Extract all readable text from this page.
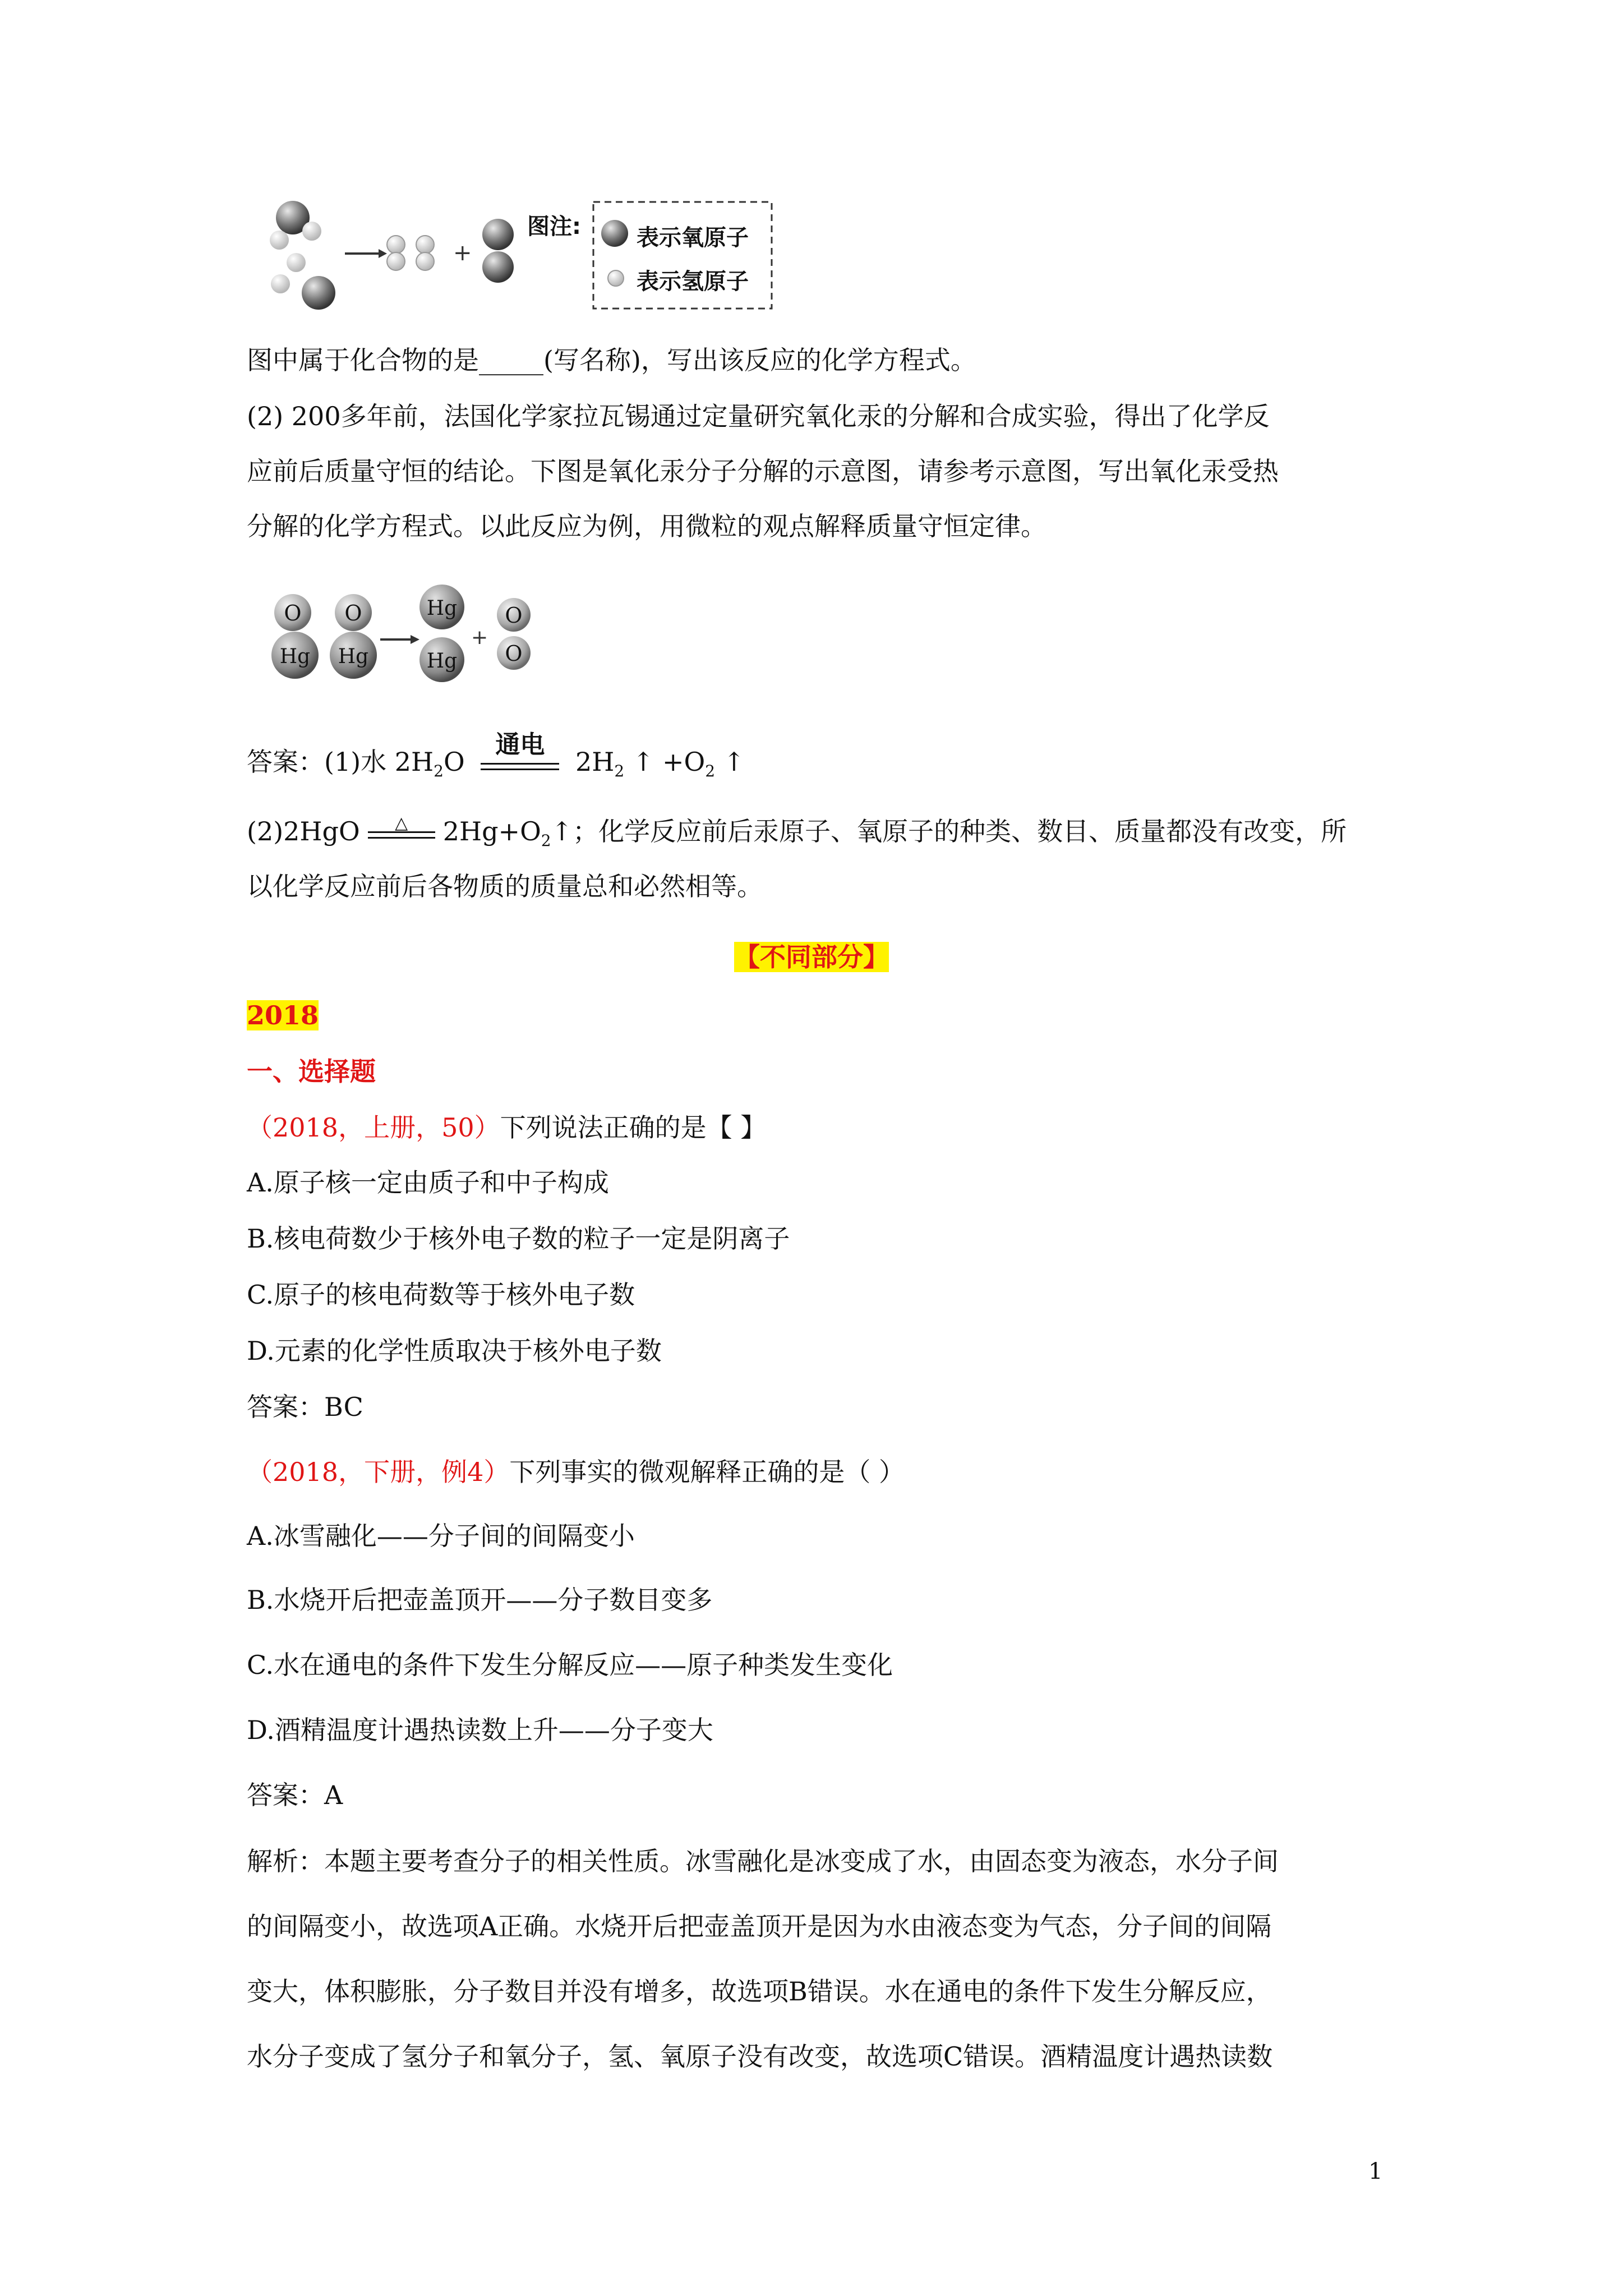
+
图注: 表示氧原子
表示氢原子
图中属于化合物的是_____(写名称)，写出该反应的化学方程式。
(2) 200多年前，法国化学家拉瓦锡通过定量研究氧化汞的分解和合成实验，得出了化学反
应前后质量守恒的结论。下图是氧化汞分子分解的示意图，请参考示意图，写出氧化汞受热
分解的化学方程式。以此反应为例，用微粒的观点解释质量守恒定律。
+
O
Hg
O
Hg
Hg
Hg
O
O
答案：(1)水 $2H_2O$
通电
$2H_2$ ↑ $+O_2$ ↑
(2)2HgO	△	$2Hg+O_2↑$；化学反应前后汞原子、氧原子的种类、数目、质量都没有改变，所
以化学反应前后各物质的质量总和必然相等。
【不同部分】
2018
一、选择题
（2018，上册，50）下列说法正确的是【 】
A.原子核一定由质子和中子构成
B.核电荷数少于核外电子数的粒子一定是阴离子
C.原子的核电荷数等于核外电子数
D.元素的化学性质取决于核外电子数
答案：BC
（2018，下册，例4）下列事实的微观解释正确的是（ ）
A.冰雪融化——分子间的间隔变小
B.水烧开后把壶盖顶开——分子数目变多
C.水在通电的条件下发生分解反应——原子种类发生变化
D.酒精温度计遇热读数上升——分子变大
答案：A
解析：本题主要考查分子的相关性质。冰雪融化是冰变成了水，由固态变为液态，水分子间
的间隔变小，故选项A正确。水烧开后把壶盖顶开是因为水由液态变为气态，分子间的间隔
变大，体积膨胀，分子数目并没有增多，故选项B错误。水在通电的条件下发生分解反应，
水分子变成了氢分子和氧分子，氢、氧原子没有改变，故选项C错误。酒精温度计遇热读数
1
